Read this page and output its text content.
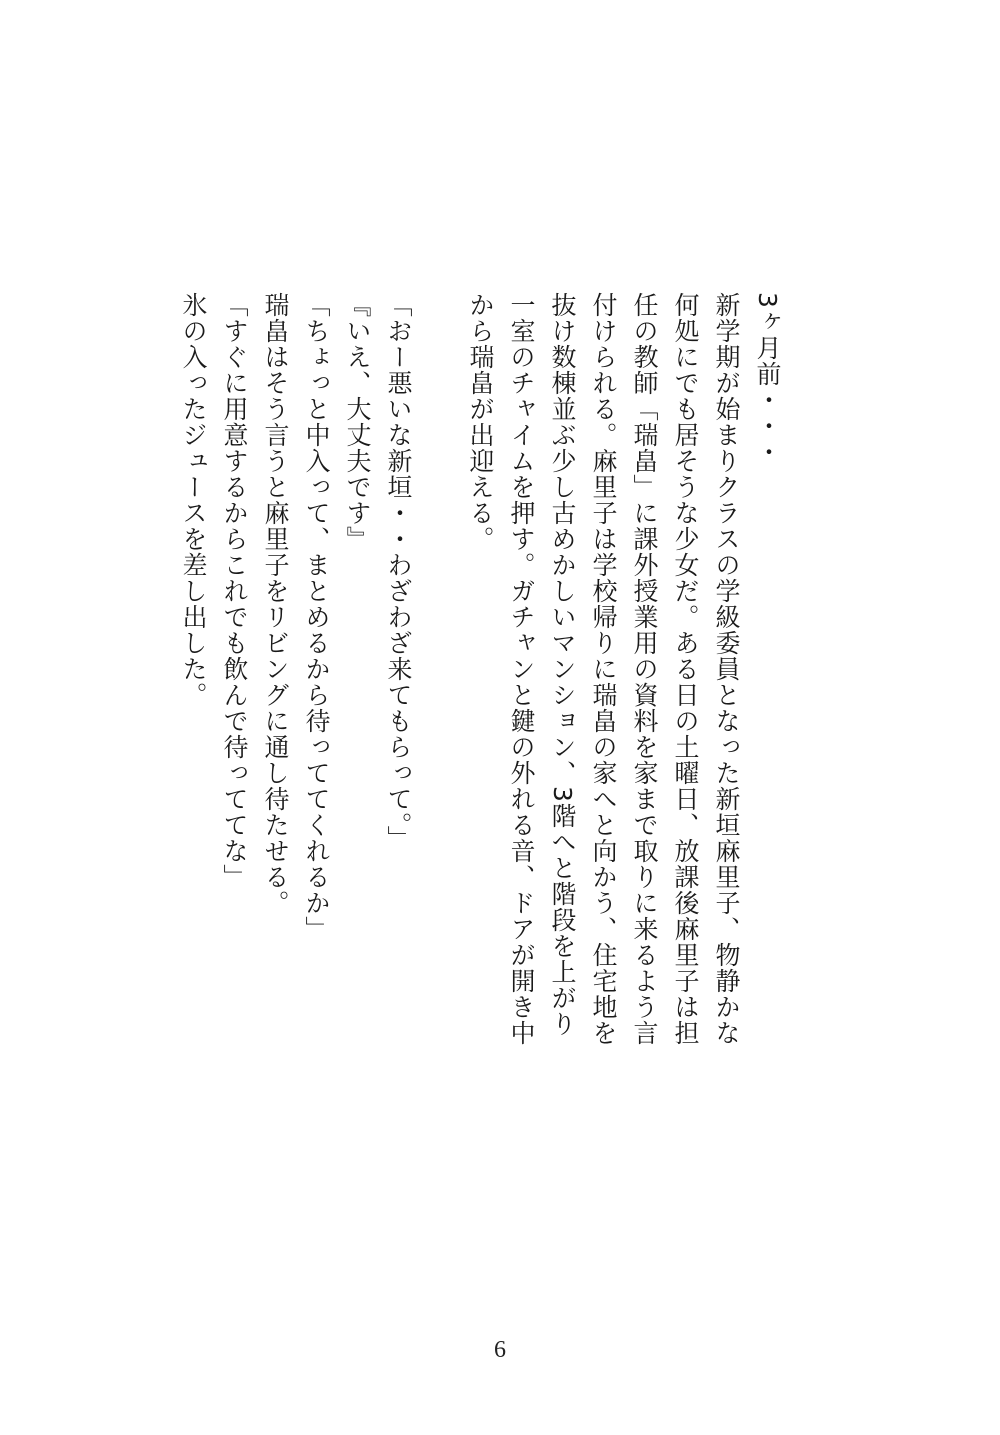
3ヶ月前・・・

新学期が始まりクラスの学級委員となった新垣麻里子、物静かな何処にでも居そうな少女だ。ある日の土曜日、放課後麻里子は担任の教師「瑞畠」に課外授業用の資料を家まで取りに来るよう言付けられる。麻里子は学校帰りに瑞畠の家へと向かう、住宅地を抜け数棟並ぶ少し古めかしいマンション、3階へと階段を上がり一室のチャイムを押す。ガチャンと鍵の外れる音、ドアが開き中から瑞畠が出迎える。

「おー悪いな新垣・・わざわざ来てもらって。」

『いえ、大丈夫です』

「ちょっと中入って、まとめるから待っててくれるか」

瑞畠はそう言うと麻里子をリビングに通し待たせる。

「すぐに用意するからこれでも飲んで待っててな」

氷の入ったジュースを差し出した。

6
